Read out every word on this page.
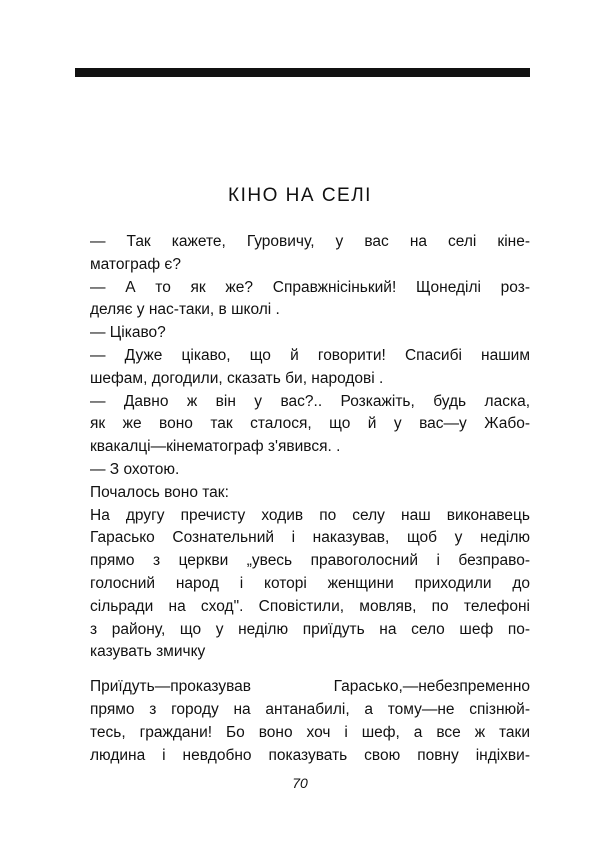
КІНО НА СЕЛІ
— Так кажете, Гуровичу, у вас на селі кіне-
матограф є?
— А то як же? Справжнісінький! Щонеділі роз-
деляє у нас-таки, в школі .
— Цікаво?
— Дуже цікаво, що й говорити! Спасибі нашим
шефам, догодили, сказать би, народові .
— Давно ж він у вас?.. Розкажіть, будь ласка,
як же воно так сталося, що й у вас—у Жабо-
квакалці—кінематограф з'явився. .
— З охотою.
Почалось воно так:
На другу пречисту ходив по селу наш виконавець
Гарасько Сознательний і наказував, щоб у неділю
прямо з церкви „увесь правоголосний і безправо-
голосний народ і которі женщини приходили до
сільради на сход". Сповістили, мовляв, по телефоні
з району, що у неділю приїдуть на село шеф по-
казувать змичку
Приїдуть—проказував Гарасько,—небезпременно
прямо з городу на антанабилі, а тому—не спізнюй-
тесь, граждани! Бо воно хоч і шеф, а все ж таки
людина і невдобно показувать свою повну індіхви-
70
